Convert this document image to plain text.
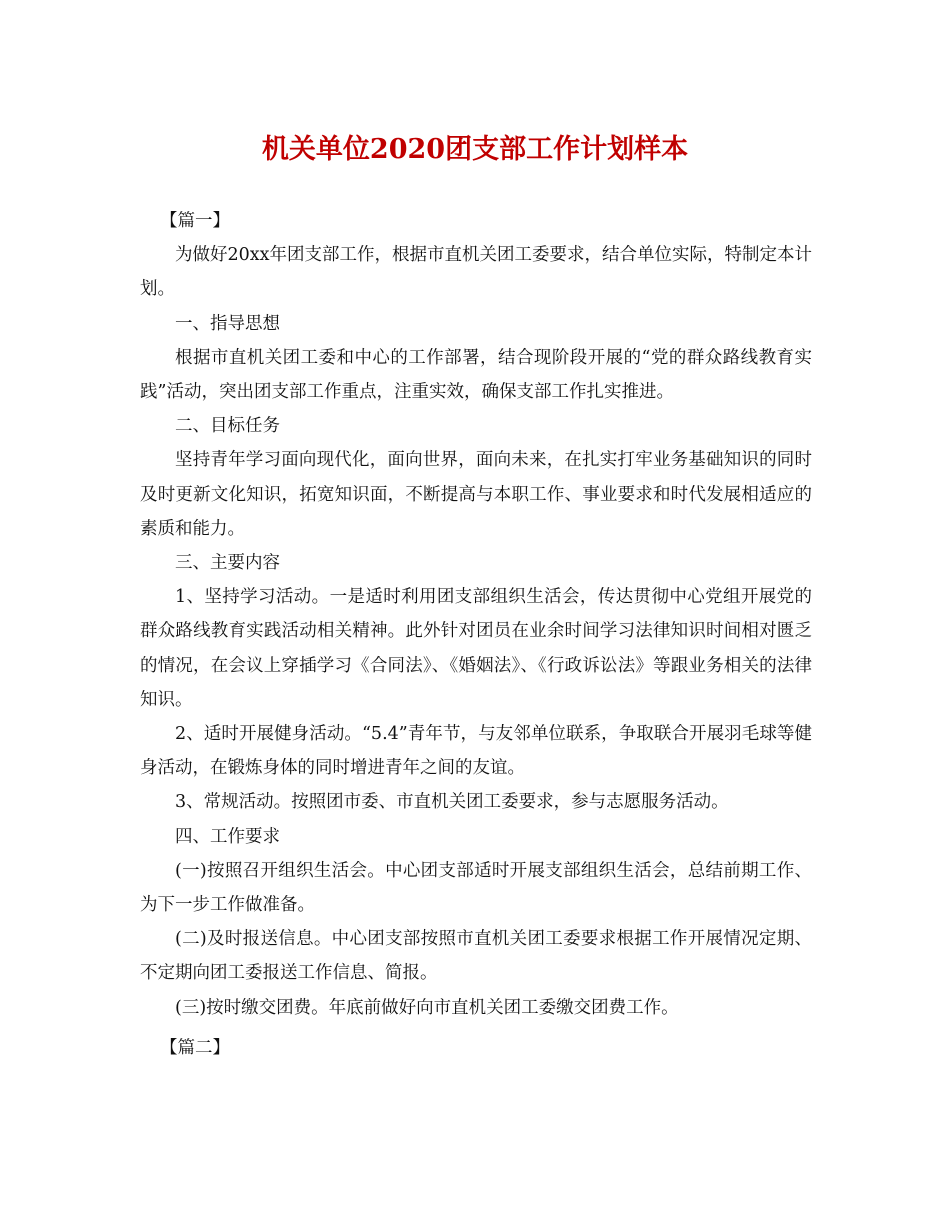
机关单位2020团支部工作计划样本

【篇一】

为做好20xx年团支部工作，根据市直机关团工委要求，结合单位实际，特制定本计划。

一、指导思想

根据市直机关团工委和中心的工作部署，结合现阶段开展的“党的群众路线教育实践”活动，突出团支部工作重点，注重实效，确保支部工作扎实推进。

二、目标任务

坚持青年学习面向现代化，面向世界，面向未来，在扎实打牢业务基础知识的同时及时更新文化知识，拓宽知识面，不断提高与本职工作、事业要求和时代发展相适应的素质和能力。

三、主要内容

1、坚持学习活动。一是适时利用团支部组织生活会，传达贯彻中心党组开展党的群众路线教育实践活动相关精神。此外针对团员在业余时间学习法律知识时间相对匮乏的情况，在会议上穿插学习《合同法》、《婚姻法》、《行政诉讼法》等跟业务相关的法律知识。

2、适时开展健身活动。“5.4”青年节，与友邻单位联系，争取联合开展羽毛球等健身活动，在锻炼身体的同时增进青年之间的友谊。

3、常规活动。按照团市委、市直机关团工委要求，参与志愿服务活动。

四、工作要求

(一)按照召开组织生活会。中心团支部适时开展支部组织生活会，总结前期工作、为下一步工作做准备。

(二)及时报送信息。中心团支部按照市直机关团工委要求根据工作开展情况定期、不定期向团工委报送工作信息、简报。

(三)按时缴交团费。年底前做好向市直机关团工委缴交团费工作。

【篇二】
